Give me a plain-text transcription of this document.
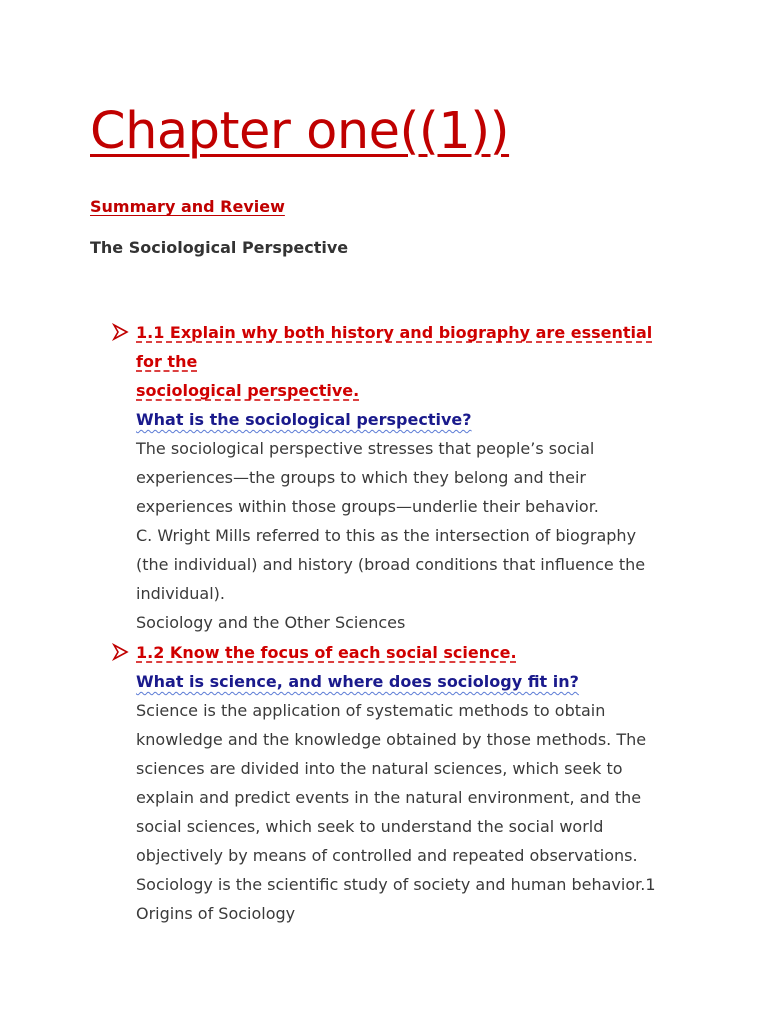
Chapter one((1))
Summary and Review
The Sociological Perspective

1.1 Explain why both history and biography are essential for the
sociological perspective.

What is the sociological perspective?

The sociological perspective stresses that people’s social

experiences—the groups to which they belong and their

experiences within those groups—underlie their behavior.

C. Wright Mills referred to this as the intersection of biography

(the individual) and history (broad conditions that influence the

individual).

Sociology and the Other Sciences

1.2 Know the focus of each social science.

What is science, and where does sociology fit in?

Science is the application of systematic methods to obtain

knowledge and the knowledge obtained by those methods. The

sciences are divided into the natural sciences, which seek to

explain and predict events in the natural environment, and the

social sciences, which seek to understand the social world

objectively by means of controlled and repeated observations.

Sociology is the scientific study of society and human behavior.1

Origins of Sociology
